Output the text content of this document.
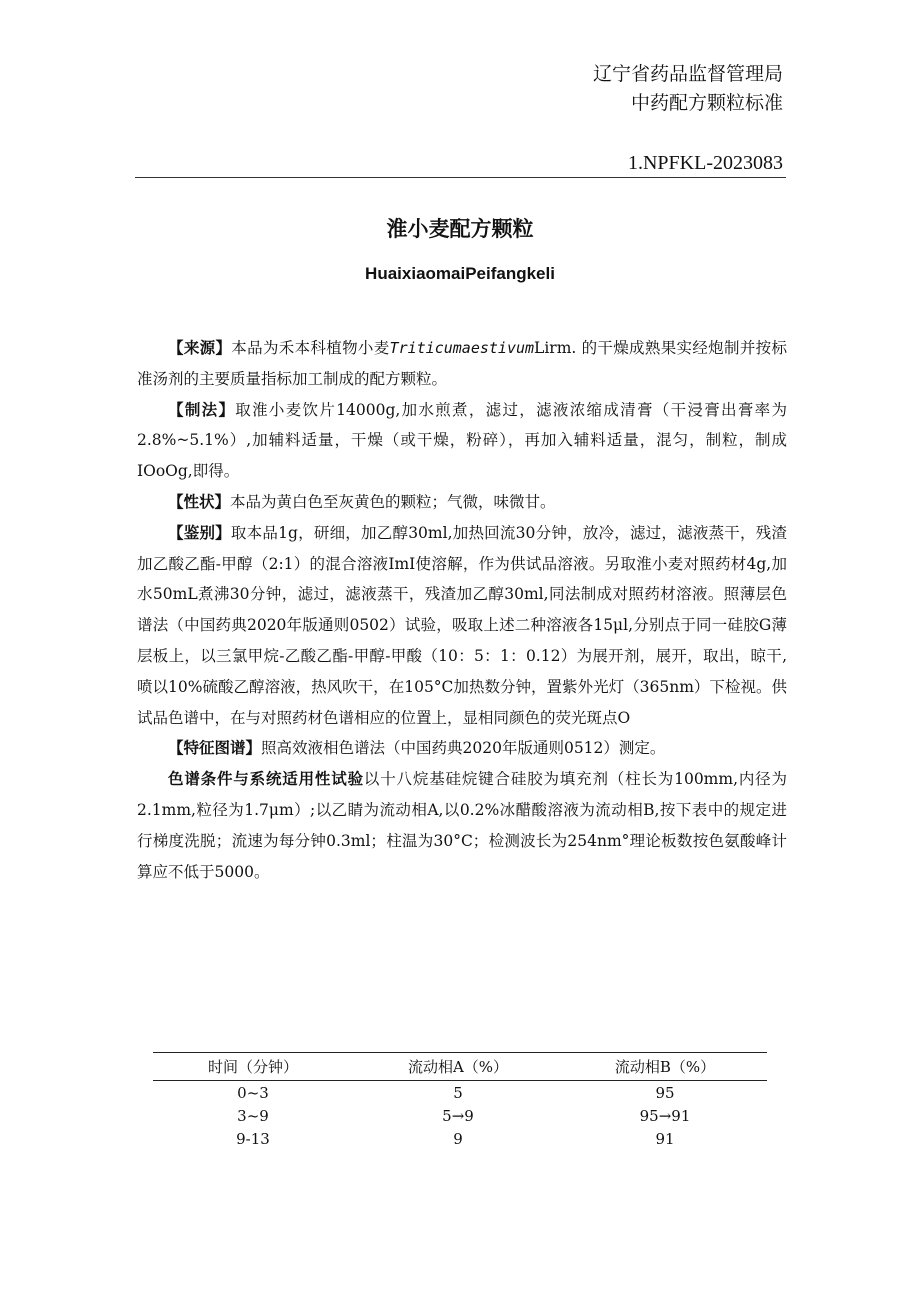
辽宁省药品监督管理局
中药配方颗粒标准
1.NPFKL-2023083
淮小麦配方颗粒
HuaixiaomaiPeifangkeli

【来源】本品为禾本科植物小麦TriticumaestivumLirm. 的干燥成熟果实经炮制并按标准汤剂的主要质量指标加工制成的配方颗粒。

【制法】取淮小麦饮片14000g,加水煎煮，滤过，滤液浓缩成清膏（干浸膏出膏率为2.8%~5.1%）,加辅料适量，干燥（或干燥，粉碎），再加入辅料适量，混匀，制粒，制成IOoOg,即得。

【性状】本品为黄白色至灰黄色的颗粒；气微，味微甘。

【鉴别】取本品1g，研细，加乙醇30ml,加热回流30分钟，放冷，滤过，滤液蒸干，残渣加乙酸乙酯-甲醇（2:1）的混合溶液ImI使溶解，作为供试品溶液。另取淮小麦对照药材4g,加水50mL煮沸30分钟，滤过，滤液蒸干，残渣加乙醇30ml,同法制成对照药材溶液。照薄层色谱法（中国药典2020年版通则0502）试验，吸取上述二种溶液各15μl,分别点于同一硅胶G薄层板上，以三氯甲烷-乙酸乙酯-甲醇-甲酸（10：5：1：0.12）为展开剂，展开，取出，晾干,喷以10%硫酸乙醇溶液，热风吹干，在105°C加热数分钟，置紫外光灯（365nm）下检视。供试品色谱中，在与对照药材色谱相应的位置上，显相同颜色的荧光斑点O

【特征图谱】照高效液相色谱法（中国药典2020年版通则0512）测定。

色谱条件与系统适用性试验以十八烷基硅烷键合硅胶为填充剂（柱长为100mm,内径为2.1mm,粒径为1.7μm）;以乙睛为流动相A,以0.2%冰醋酸溶液为流动相B,按下表中的规定进行梯度洗脱；流速为每分钟0.3ml；柱温为30°C；检测波长为254nm°理论板数按色氨酸峰计算应不低于5000。

时间（分钟）	流动相A（%）	流动相B（%）
0~3	5	95
3~9	5→9	95→91
9-13	9	91
